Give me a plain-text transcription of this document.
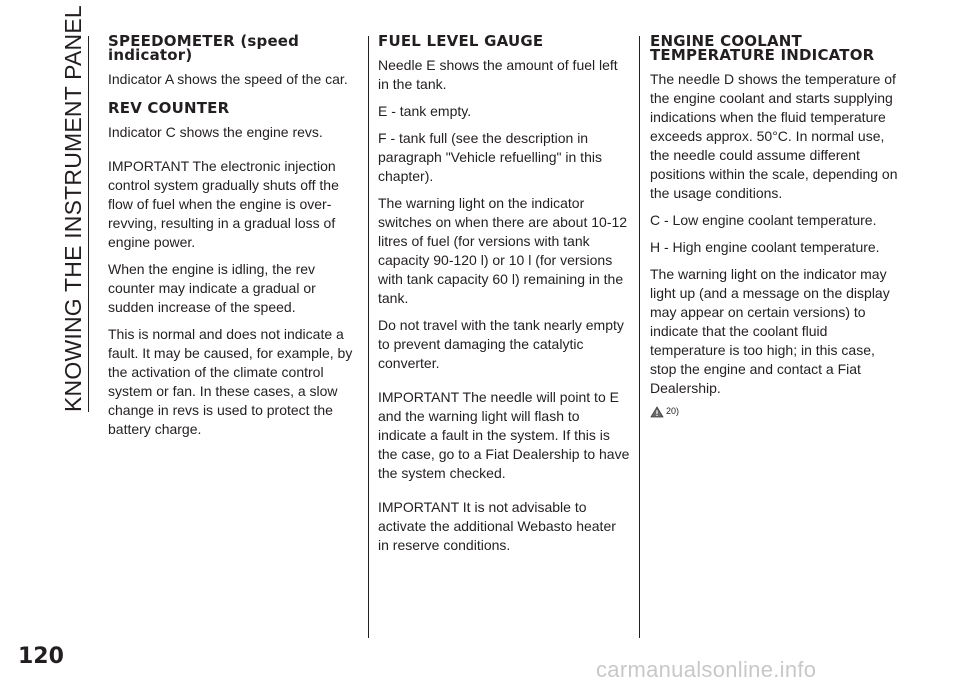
KNOWING THE INSTRUMENT PANEL
120
SPEEDOMETER (speed indicator)

Indicator A shows the speed of the car.

REV COUNTER

Indicator C shows the engine revs.

IMPORTANT The electronic injection control system gradually shuts off the flow of fuel when the engine is over-revving, resulting in a gradual loss of engine power.

When the engine is idling, the rev counter may indicate a gradual or sudden increase of the speed.

This is normal and does not indicate a fault. It may be caused, for example, by the activation of the climate control system or fan. In these cases, a slow change in revs is used to protect the battery charge.

FUEL LEVEL GAUGE

Needle E shows the amount of fuel left in the tank.

E - tank empty.

F - tank full (see the description in paragraph "Vehicle refuelling" in this chapter).

The warning light on the indicator switches on when there are about 10-12 litres of fuel (for versions with tank capacity 90-120 l) or 10 l (for versions with tank capacity 60 l) remaining in the tank.

Do not travel with the tank nearly empty to prevent damaging the catalytic converter.

IMPORTANT The needle will point to E and the warning light will flash to indicate a fault in the system. If this is the case, go to a Fiat Dealership to have the system checked.

IMPORTANT It is not advisable to activate the additional Webasto heater in reserve conditions.

ENGINE COOLANT TEMPERATURE INDICATOR

The needle D shows the temperature of the engine coolant and starts supplying indications when the fluid temperature exceeds approx. 50°C. In normal use, the needle could assume different positions within the scale, depending on the usage conditions.

C - Low engine coolant temperature.

H - High engine coolant temperature.

The warning light on the indicator may light up (and a message on the display may appear on certain versions) to indicate that the coolant fluid temperature is too high; in this case, stop the engine and contact a Fiat Dealership.

20)
carmanualsonline.info
